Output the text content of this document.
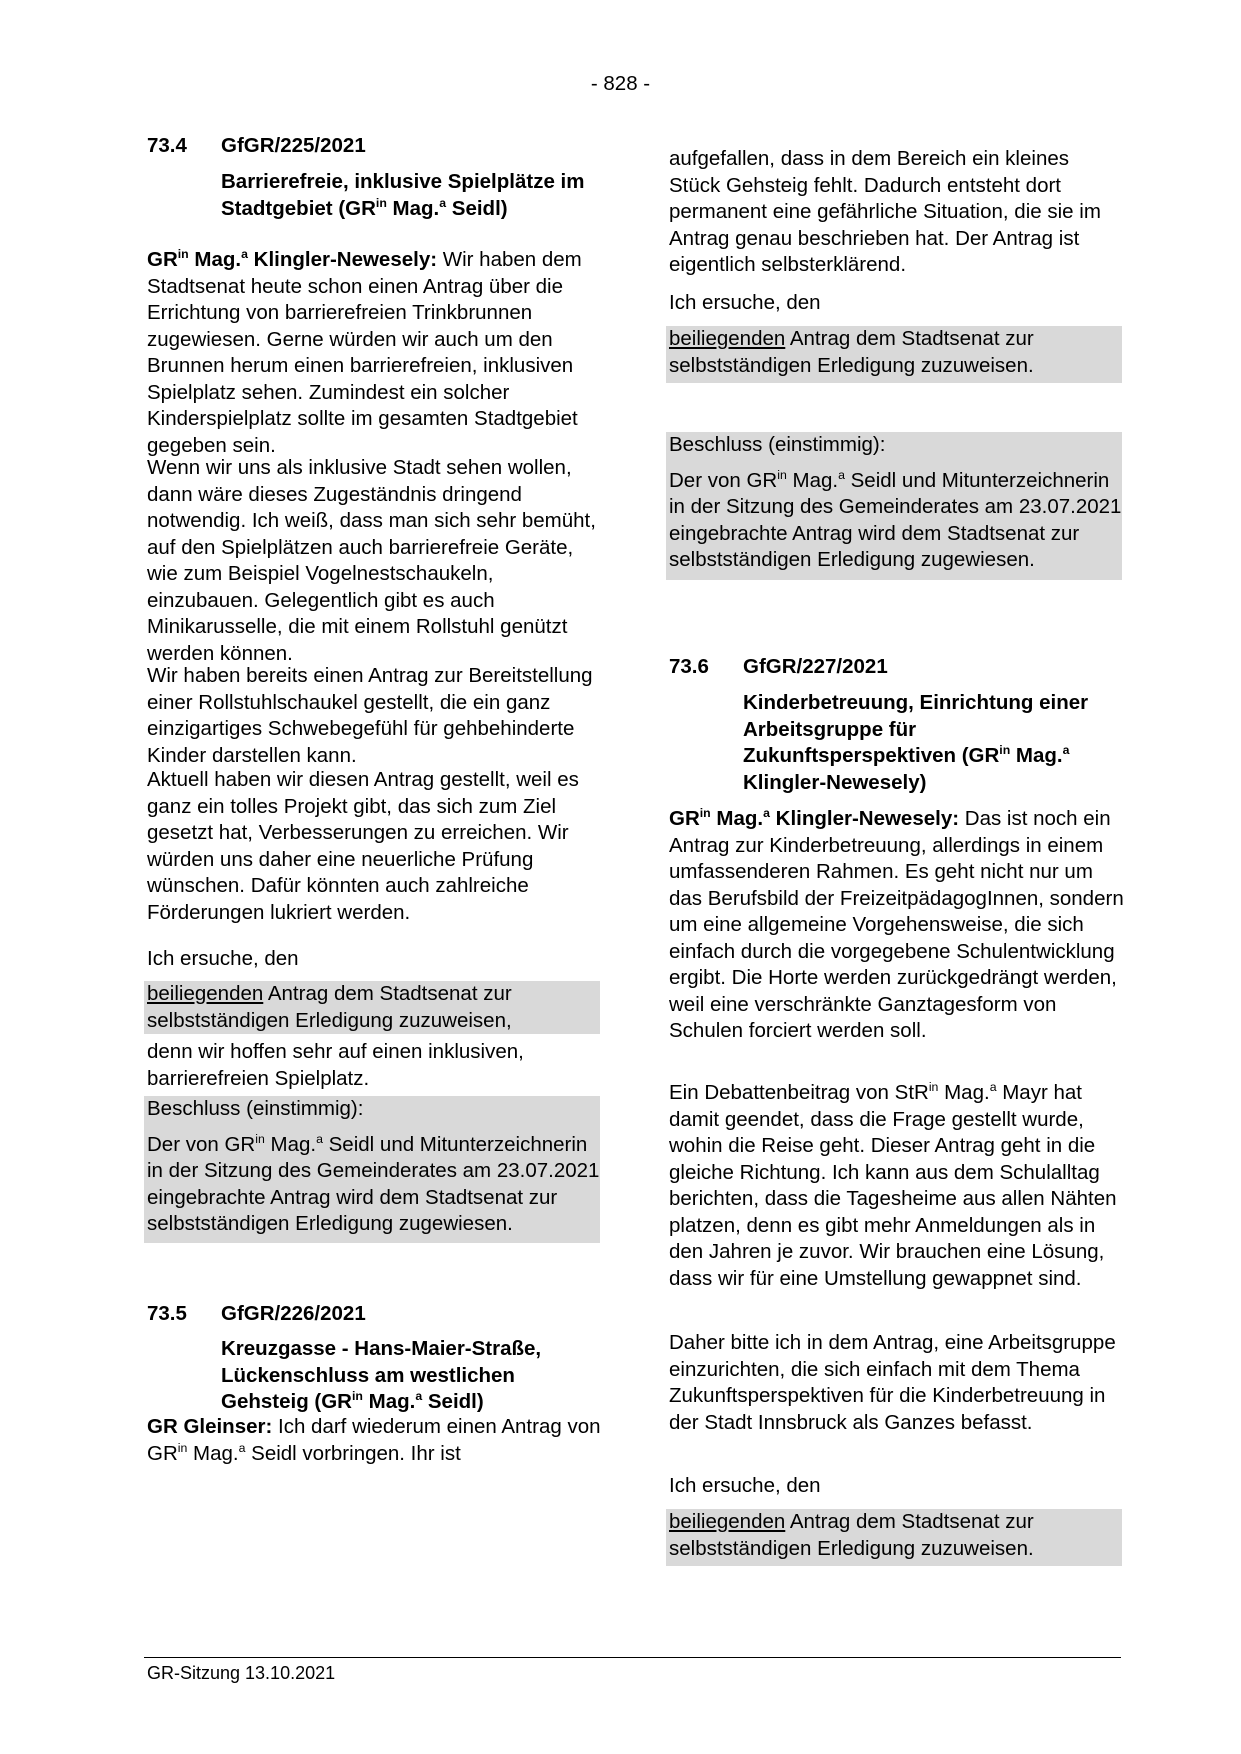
- 828 -
73.4 GfGR/225/2021
Barrierefreie, inklusive Spielplätze im Stadtgebiet ($GR^{in}$ Mag.$^a$ Seidl)
$GR^{in}$ Mag.$^a$ Klingler-Newesely: Wir haben dem Stadtsenat heute schon einen Antrag über die Errichtung von barrierefreien Trinkbrunnen zugewiesen. Gerne würden wir auch um den Brunnen herum einen barrierefreien, inklusiven Spielplatz sehen. Zumindest ein solcher Kinderspielplatz sollte im gesamten Stadtgebiet gegeben sein.
Wenn wir uns als inklusive Stadt sehen wollen, dann wäre dieses Zugeständnis dringend notwendig. Ich weiß, dass man sich sehr bemüht, auf den Spielplätzen auch barrierefreie Geräte, wie zum Beispiel Vogelnestschaukeln, einzubauen. Gelegentlich gibt es auch Minikarusselle, die mit einem Rollstuhl genützt werden können.
Wir haben bereits einen Antrag zur Bereitstellung einer Rollstuhlschaukel gestellt, die ein ganz einzigartiges Schwebegefühl für gehbehinderte Kinder darstellen kann.
Aktuell haben wir diesen Antrag gestellt, weil es ganz ein tolles Projekt gibt, das sich zum Ziel gesetzt hat, Verbesserungen zu erreichen. Wir würden uns daher eine neuerliche Prüfung wünschen. Dafür könnten auch zahlreiche Förderungen lukriert werden.
Ich ersuche, den
beiliegenden Antrag dem Stadtsenat zur selbstständigen Erledigung zuzuweisen,
denn wir hoffen sehr auf einen inklusiven, barrierefreien Spielplatz.
Beschluss (einstimmig):
Der von $GR^{in}$ Mag.$^a$ Seidl und Mitunterzeichnerin in der Sitzung des Gemeinderates am 23.07.2021 eingebrachte Antrag wird dem Stadtsenat zur selbstständigen Erledigung zugewiesen.
73.5 GfGR/226/2021
Kreuzgasse - Hans-Maier-Straße, Lückenschluss am westlichen Gehsteig ($GR^{in}$ Mag.$^a$ Seidl)
GR Gleinser: Ich darf wiederum einen Antrag von $GR^{in}$ Mag.$^a$ Seidl vorbringen. Ihr ist
aufgefallen, dass in dem Bereich ein kleines Stück Gehsteig fehlt. Dadurch entsteht dort permanent eine gefährliche Situation, die sie im Antrag genau beschrieben hat. Der Antrag ist eigentlich selbsterklärend.
Ich ersuche, den
beiliegenden Antrag dem Stadtsenat zur selbstständigen Erledigung zuzuweisen.
Beschluss (einstimmig):
Der von $GR^{in}$ Mag.$^a$ Seidl und Mitunterzeichnerin in der Sitzung des Gemeinderates am 23.07.2021 eingebrachte Antrag wird dem Stadtsenat zur selbstständigen Erledigung zugewiesen.
73.6 GfGR/227/2021
Kinderbetreuung, Einrichtung einer Arbeitsgruppe für Zukunftsperspektiven ($GR^{in}$ Mag.$^a$ Klingler-Newesely)
$GR^{in}$ Mag.$^a$ Klingler-Newesely: Das ist noch ein Antrag zur Kinderbetreuung, allerdings in einem umfassenderen Rahmen. Es geht nicht nur um das Berufsbild der FreizeitpädagogInnen, sondern um eine allgemeine Vorgehensweise, die sich einfach durch die vorgegebene Schulentwicklung ergibt. Die Horte werden zurückgedrängt werden, weil eine verschränkte Ganztagesform von Schulen forciert werden soll.
Ein Debattenbeitrag von StR$^{in}$ Mag.$^a$ Mayr hat damit geendet, dass die Frage gestellt wurde, wohin die Reise geht. Dieser Antrag geht in die gleiche Richtung. Ich kann aus dem Schulalltag berichten, dass die Tagesheime aus allen Nähten platzen, denn es gibt mehr Anmeldungen als in den Jahren je zuvor. Wir brauchen eine Lösung, dass wir für eine Umstellung gewappnet sind.
Daher bitte ich in dem Antrag, eine Arbeitsgruppe einzurichten, die sich einfach mit dem Thema Zukunftsperspektiven für die Kinderbetreuung in der Stadt Innsbruck als Ganzes befasst.
Ich ersuche, den
beiliegenden Antrag dem Stadtsenat zur selbstständigen Erledigung zuzuweisen.
GR-Sitzung 13.10.2021
